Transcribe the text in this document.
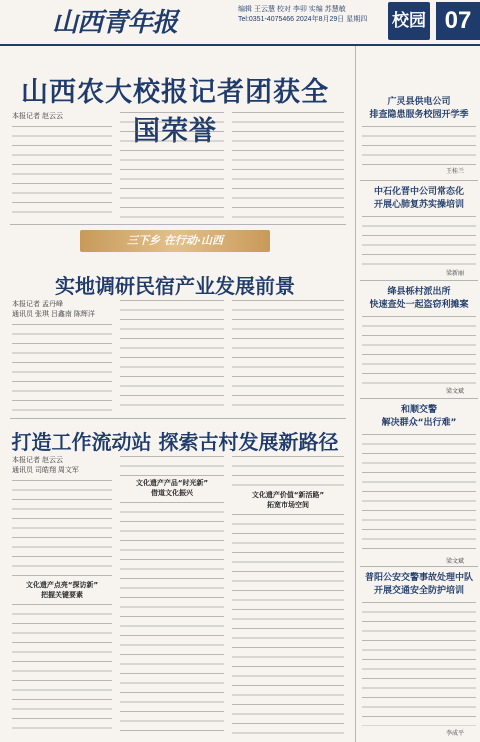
山西青年报	编辑 王云慧 校对 李卯 实编 苏慧敏
Tel:0351-4075466 2024年8月29日 星期四 校园 07
山西农大校报记者团获全国荣誉
本报记者 赵云云
三下乡 在行动·山西
实地调研民宿产业发展前景
本报记者 孟丹峰
通讯员 张琪 吕鑫南 陈辉洋
打造工作流动站 探索古村发展新路径
本报记者 赵云云
通讯员 司皓翔 周文军
文化遗产点亮“探访新”
把握关键要素
文化遗产产品“时光新”
借道文化振兴	文化遗产价值“新活路”
拓宽市场空间
广灵县供电公司
排查隐患服务校园开学季
王桂兰
中石化晋中公司常态化
开展心肺复苏实操培训
梁新丽
绛县栎村派出所
快速查处一起盗窃利摊案
梁文斌
和顺交警
解决群众“出行难”
梁文斌
普阳公安交警事故处理中队
开展交通安全防护培训
李成平
